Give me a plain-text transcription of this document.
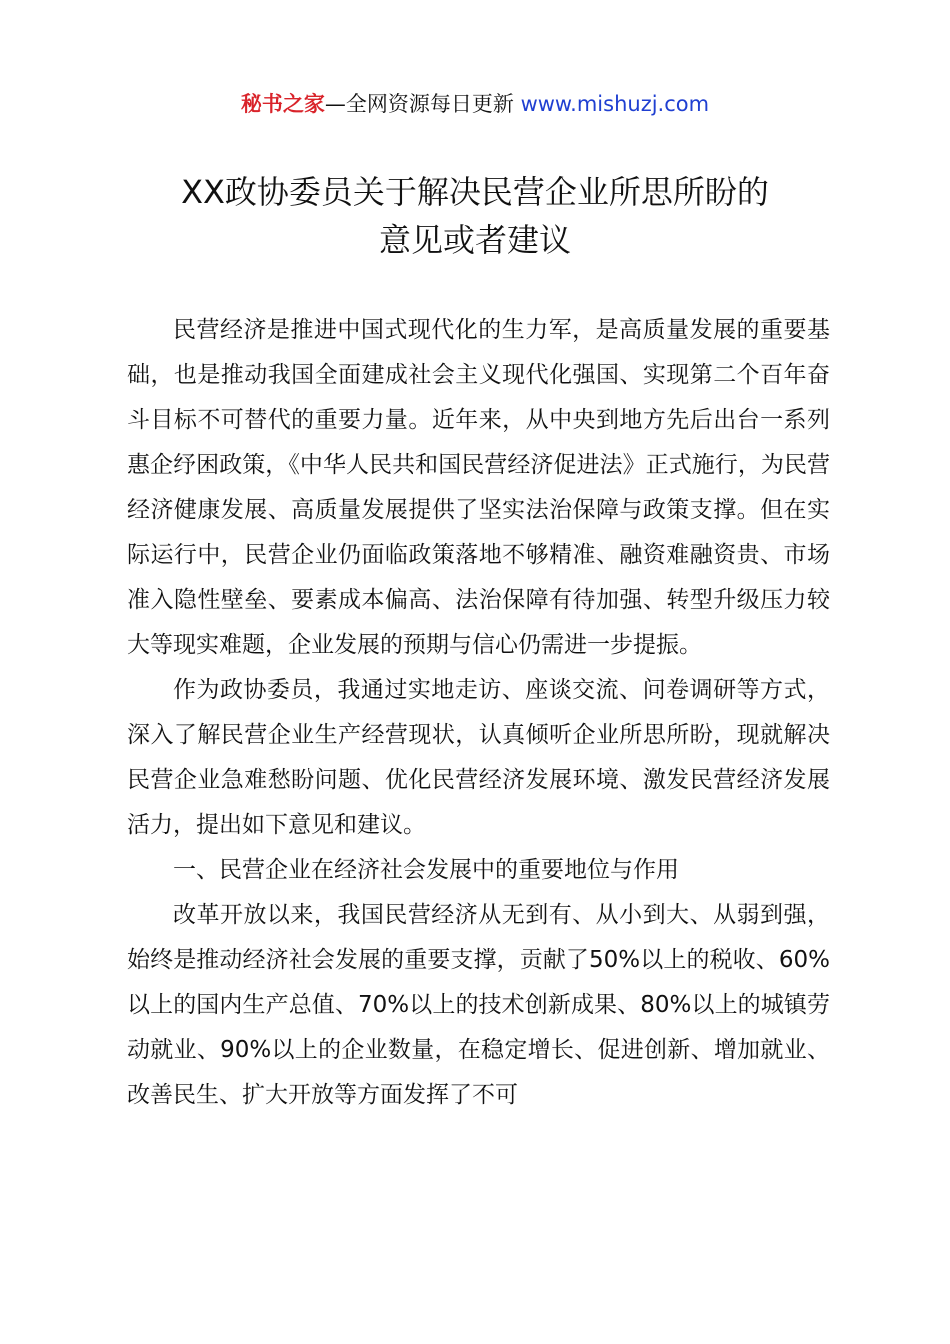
秘书之家—全网资源每日更新 www.mishuzj.com
XX政协委员关于解决民营企业所思所盼的
意见或者建议

民营经济是推进中国式现代化的生力军，是高质量发展的重要基础，也是推动我国全面建成社会主义现代化强国、实现第二个百年奋斗目标不可替代的重要力量。近年来，从中央到地方先后出台一系列惠企纾困政策，《中华人民共和国民营经济促进法》正式施行，为民营经济健康发展、高质量发展提供了坚实法治保障与政策支撑。但在实际运行中，民营企业仍面临政策落地不够精准、融资难融资贵、市场准入隐性壁垒、要素成本偏高、法治保障有待加强、转型升级压力较大等现实难题，企业发展的预期与信心仍需进一步提振。

作为政协委员，我通过实地走访、座谈交流、问卷调研等方式，深入了解民营企业生产经营现状，认真倾听企业所思所盼，现就解决民营企业急难愁盼问题、优化民营经济发展环境、激发民营经济发展活力，提出如下意见和建议。

一、民营企业在经济社会发展中的重要地位与作用

改革开放以来，我国民营经济从无到有、从小到大、从弱到强，始终是推动经济社会发展的重要支撑，贡献了50%以上的税收、60%以上的国内生产总值、70%以上的技术创新成果、80%以上的城镇劳动就业、90%以上的企业数量，在稳定增长、促进创新、增加就业、改善民生、扩大开放等方面发挥了不可
